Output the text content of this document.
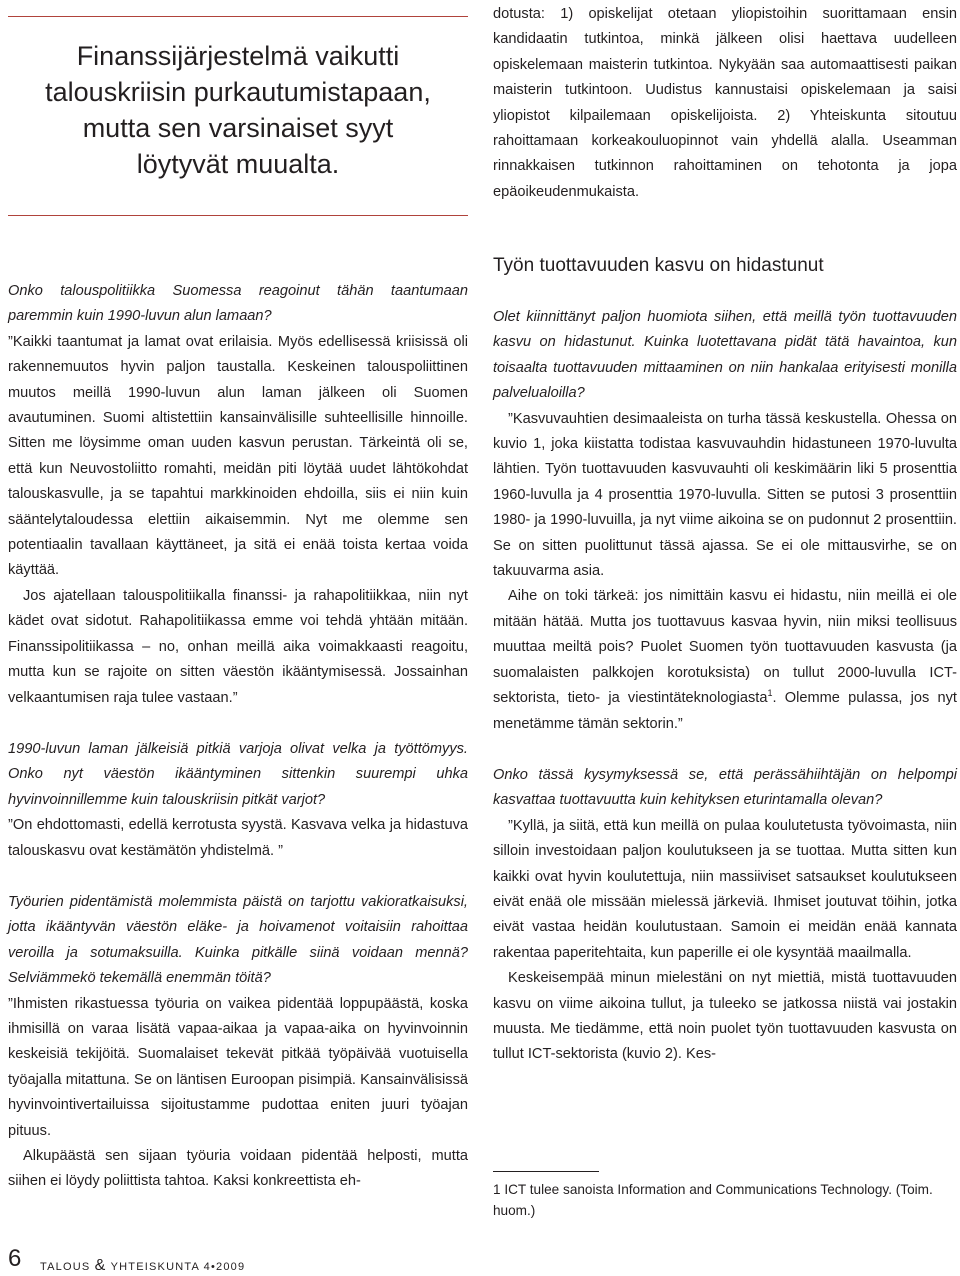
Finanssijärjestelmä vaikutti talouskriisin purkautumistapaan, mutta sen varsinaiset syyt löytyvät muualta.

dotusta: 1) opiskelijat otetaan yliopistoihin suorittamaan ensin kandidaatin tutkintoa, minkä jälkeen olisi haettava uudelleen opiskelemaan maisterin tutkintoa. Nykyään saa automaattisesti paikan maisterin tutkintoon. Uudistus kannustaisi opiskelemaan ja saisi yliopistot kilpailemaan opiskelijoista. 2) Yhteiskunta sitoutuu rahoittamaan korkeakouluopinnot vain yhdellä alalla. Useamman rinnakkaisen tutkinnon rahoittaminen on tehotonta ja jopa epäoikeudenmukaista.

Onko talouspolitiikka Suomessa reagoinut tähän taantumaan paremmin kuin 1990-luvun alun lamaan?

”Kaikki taantumat ja lamat ovat erilaisia. Myös edellisessä kriisissä oli rakennemuutos hyvin paljon taustalla. Keskeinen talouspoliittinen muutos meillä 1990-luvun alun laman jälkeen oli Suomen avautuminen. Suomi altistettiin kansainvälisille suhteellisille hinnoille. Sitten me löysimme oman uuden kasvun perustan. Tärkeintä oli se, että kun Neuvostoliitto romahti, meidän piti löytää uudet lähtökohdat talouskasvulle, ja se tapahtui markkinoiden ehdoilla, siis ei niin kuin sääntelytaloudessa elettiin aikaisemmin. Nyt me olemme sen potentiaalin tavallaan käyttäneet, ja sitä ei enää toista kertaa voida käyttää.

Jos ajatellaan talouspolitiikalla finanssi- ja rahapolitiikkaa, niin nyt kädet ovat sidotut. Rahapolitiikassa emme voi tehdä yhtään mitään. Finanssipolitiikassa – no, onhan meillä aika voimakkaasti reagoitu, mutta kun se rajoite on sitten väestön ikääntymisessä. Jossainhan velkaantumisen raja tulee vastaan.”

1990-luvun laman jälkeisiä pitkiä varjoja olivat velka ja työttömyys. Onko nyt väestön ikääntyminen sittenkin suurempi uhka hyvinvoinnillemme kuin talouskriisin pitkät varjot?

”On ehdottomasti, edellä kerrotusta syystä. Kasvava velka ja hidastuva talouskasvu ovat kestämätön yhdistelmä. ”

Työurien pidentämistä molemmista päistä on tarjottu vakioratkaisuksi, jotta ikääntyvän väestön eläke- ja hoivamenot voitaisiin rahoittaa veroilla ja sotumaksuilla. Kuinka pitkälle siinä voidaan mennä? Selviämmekö tekemällä enemmän töitä?

”Ihmisten rikastuessa työuria on vaikea pidentää loppupäästä, koska ihmisillä on varaa lisätä vapaa-aikaa ja vapaa-aika on hyvinvoinnin keskeisiä tekijöitä. Suomalaiset tekevät pitkää työpäivää vuotuisella työajalla mitattuna. Se on läntisen Euroopan pisimpiä. Kansainvälisissä hyvinvointivertailuissa sijoitustamme pudottaa eniten juuri työajan pituus.

Alkupäästä sen sijaan työuria voidaan pidentää helposti, mutta siihen ei löydy poliittista tahtoa. Kaksi konkreettista eh-

Työn tuottavuuden kasvu on hidastunut

Olet kiinnittänyt paljon huomiota siihen, että meillä työn tuottavuuden kasvu on hidastunut. Kuinka luotettavana pidät tätä havaintoa, kun toisaalta tuottavuuden mittaaminen on niin hankalaa erityisesti monilla palvelualoilla?

”Kasvuvauhtien desimaaleista on turha tässä keskustella. Ohessa on kuvio 1, joka kiistatta todistaa kasvuvauhdin hidastuneen 1970-luvulta lähtien. Työn tuottavuuden kasvuvauhti oli keskimäärin liki 5 prosenttia 1960-luvulla ja 4 prosenttia 1970-luvulla. Sitten se putosi 3 prosenttiin 1980- ja 1990-luvuilla, ja nyt viime aikoina se on pudonnut 2 prosenttiin. Se on sitten puolittunut tässä ajassa. Se ei ole mittausvirhe, se on takuuvarma asia.

Aihe on toki tärkeä: jos nimittäin kasvu ei hidastu, niin meillä ei ole mitään hätää. Mutta jos tuottavuus kasvaa hyvin, niin miksi teollisuus muuttaa meiltä pois? Puolet Suomen työn tuottavuuden kasvusta (ja suomalaisten palkkojen korotuksista) on tullut 2000-luvulla ICT-sektorista, tieto- ja viestintäteknologiasta$^1$. Olemme pulassa, jos nyt menetämme tämän sektorin.”

Onko tässä kysymyksessä se, että perässähiihtäjän on helpompi kasvattaa tuottavuutta kuin kehityksen eturintamalla olevan?

”Kyllä, ja siitä, että kun meillä on pulaa koulutetusta työvoimasta, niin silloin investoidaan paljon koulutukseen ja se tuottaa. Mutta sitten kun kaikki ovat hyvin koulutettuja, niin massiiviset satsaukset koulutukseen eivät enää ole missään mielessä järkeviä. Ihmiset joutuvat töihin, jotka eivät vastaa heidän koulutustaan. Samoin ei meidän enää kannata rakentaa paperitehtaita, kun paperille ei ole kysyntää maailmalla.

Keskeisempää minun mielestäni on nyt miettiä, mistä tuottavuuden kasvu on viime aikoina tullut, ja tuleeko se jatkossa niistä vai jostakin muusta. Me tiedämme, että noin puolet työn tuottavuuden kasvusta on tullut ICT-sektorista (kuvio 2). Kes-

1 ICT tulee sanoista Information and Communications Technology. (Toim. huom.)
6 TALOUS & YHTEISKUNTA 4•2009
